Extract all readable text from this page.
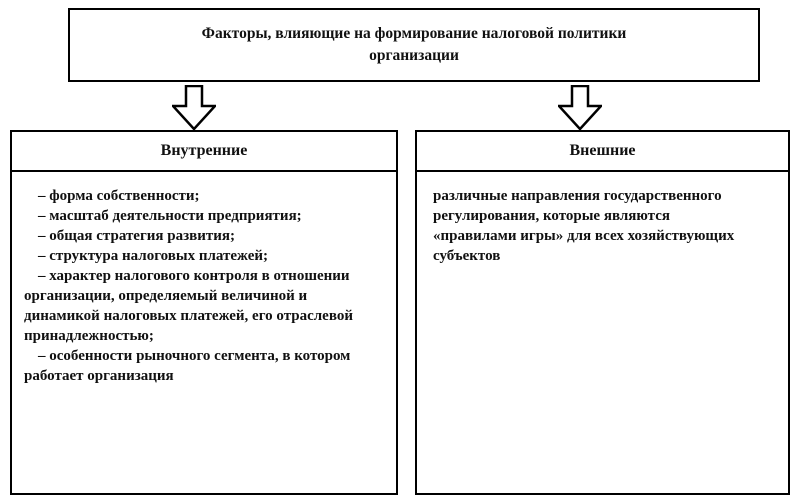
Факторы, влияющие на формирование налоговой политики организации
Внутренние

– форма собственности;

– масштаб деятельности предприятия;

– общая стратегия развития;

– структура налоговых платежей;

– характер налогового контроля в отношении организации, определяемый величиной и динамикой налоговых платежей, его отраслевой принадлежностью;

– особенности рыночного сегмента, в котором работает организация

Внешние

различные направления государственного регулирования, которые являются «правилами игры» для всех хозяйствующих субъектов
